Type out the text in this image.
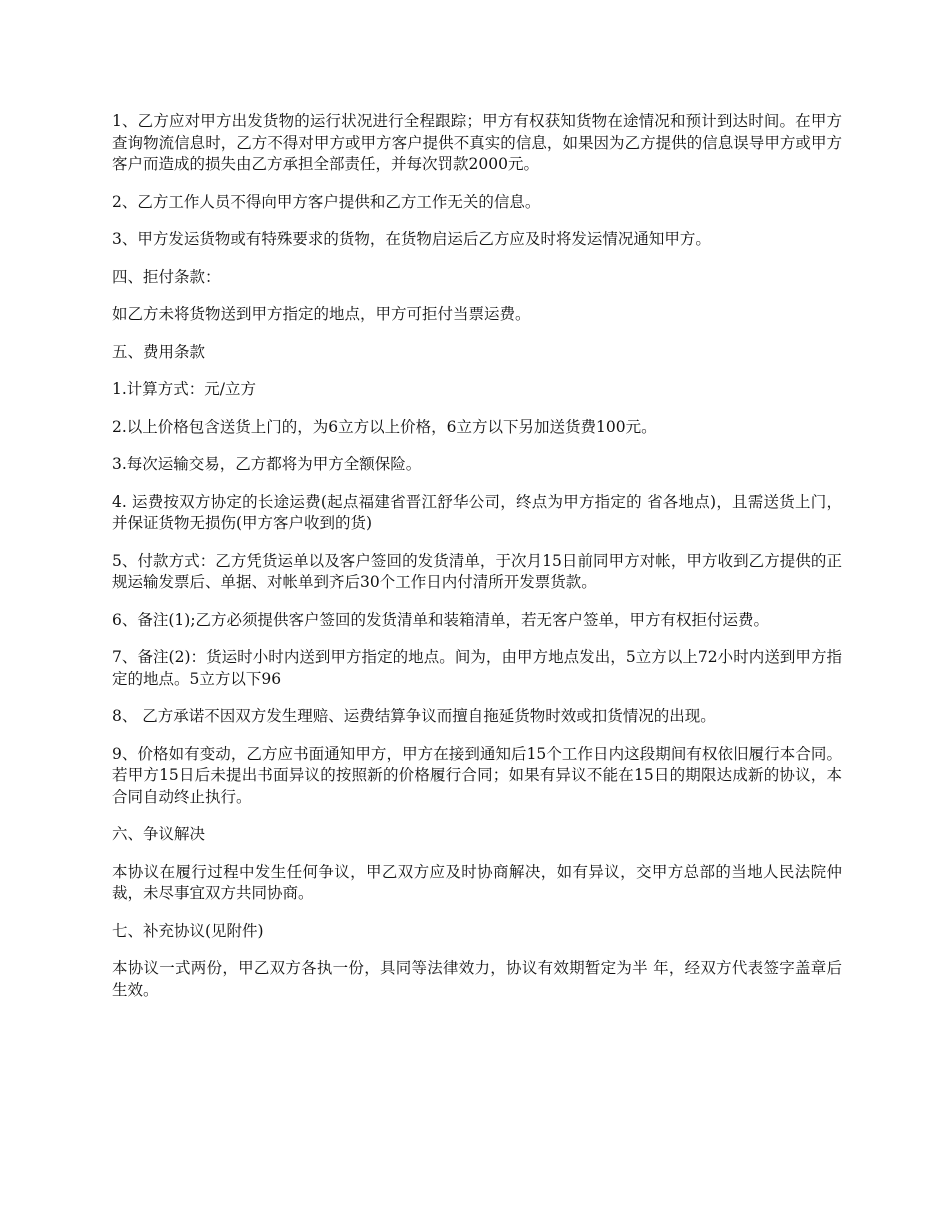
1、乙方应对甲方出发货物的运行状况进行全程跟踪；甲方有权获知货物在途情况和预计到达时间。在甲方查询物流信息时，乙方不得对甲方或甲方客户提供不真实的信息，如果因为乙方提供的信息误导甲方或甲方客户而造成的损失由乙方承担全部责任，并每次罚款2000元。

2、乙方工作人员不得向甲方客户提供和乙方工作无关的信息。

3、甲方发运货物或有特殊要求的货物，在货物启运后乙方应及时将发运情况通知甲方。

四、拒付条款：

如乙方未将货物送到甲方指定的地点，甲方可拒付当票运费。

五、费用条款

1.计算方式：元/立方

2.以上价格包含送货上门的，为6立方以上价格，6立方以下另加送货费100元。

3.每次运输交易，乙方都将为甲方全额保险。

4. 运费按双方协定的长途运费(起点福建省晋江舒华公司，终点为甲方指定的 省各地点)，且需送货上门，并保证货物无损伤(甲方客户收到的货)

5、付款方式：乙方凭货运单以及客户签回的发货清单，于次月15日前同甲方对帐，甲方收到乙方提供的正规运输发票后、单据、对帐单到齐后30个工作日内付清所开发票货款。

6、备注(1);乙方必须提供客户签回的发货清单和装箱清单，若无客户签单，甲方有权拒付运费。

7、备注(2)：货运时小时内送到甲方指定的地点。间为，由甲方地点发出，5立方以上72小时内送到甲方指定的地点。5立方以下96

8、 乙方承诺不因双方发生理赔、运费结算争议而擅自拖延货物时效或扣货情况的出现。

9、价格如有变动，乙方应书面通知甲方，甲方在接到通知后15个工作日内这段期间有权依旧履行本合同。若甲方15日后未提出书面异议的按照新的价格履行合同；如果有异议不能在15日的期限达成新的协议，本合同自动终止执行。

六、争议解决

本协议在履行过程中发生任何争议，甲乙双方应及时协商解决，如有异议，交甲方总部的当地人民法院仲裁，未尽事宜双方共同协商。

七、补充协议(见附件)

本协议一式两份，甲乙双方各执一份，具同等法律效力，协议有效期暂定为半 年，经双方代表签字盖章后生效。
